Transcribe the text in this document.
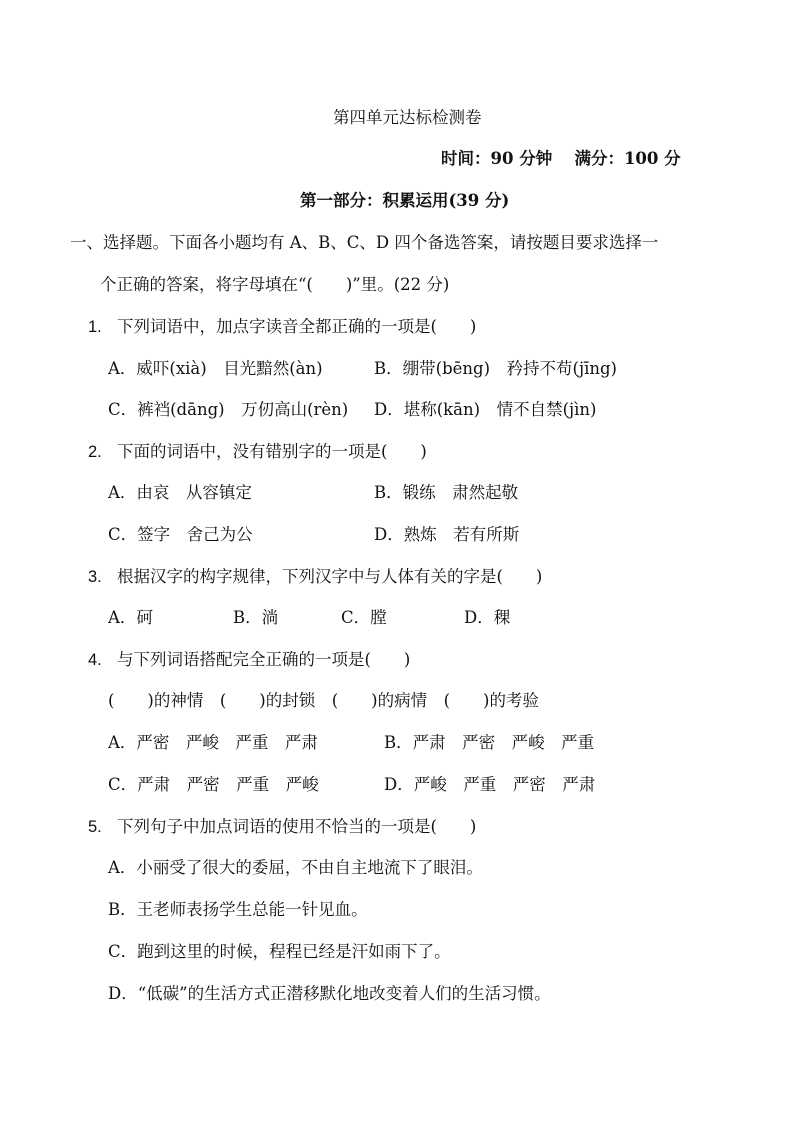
第四单元达标检测卷
时间：90 分钟　 满分：100 分
第一部分：积累运用(39 分)
一、选择题。下面各小题均有 A、B、C、D 四个备选答案，请按题目要求选择一
个正确的答案，将字母填在“(　　)”里。(22 分)
1. 下列词语中，加点字读音全都正确的一项是(　　)
A．威吓(xià)　目光黯然(àn)	B．绷带(bēng)　矜持不苟(jīng)
C．裤裆(dāng)　万仞高山(rèn) D．堪称(kān)　情不自禁(jìn)
2. 下面的词语中，没有错别字的一项是(　　)
A．由哀　从容镇定	B．锻练　肃然起敬
C．签字　舍己为公	D．熟炼　若有所斯
3. 根据汉字的构字规律，下列汉字中与人体有关的字是(　　)
A．砢	B．淌	C．膛	D．稞
4. 与下列词语搭配完全正确的一项是(　　)
(　　)的神情　(　　)的封锁　(　　)的病情　(　　)的考验
A．严密　严峻　严重　严肃	B．严肃　严密　严峻　严重
C．严肃　严密　严重　严峻	D．严峻　严重　严密　严肃
5. 下列句子中加点词语的使用不恰当的一项是(　　)
A．小丽受了很大的委屈，不由自主地流下了眼泪。
B．王老师表扬学生总能一针见血。
C．跑到这里的时候，程程已经是汗如雨下了。
D．“低碳”的生活方式正潜移默化地改变着人们的生活习惯。
